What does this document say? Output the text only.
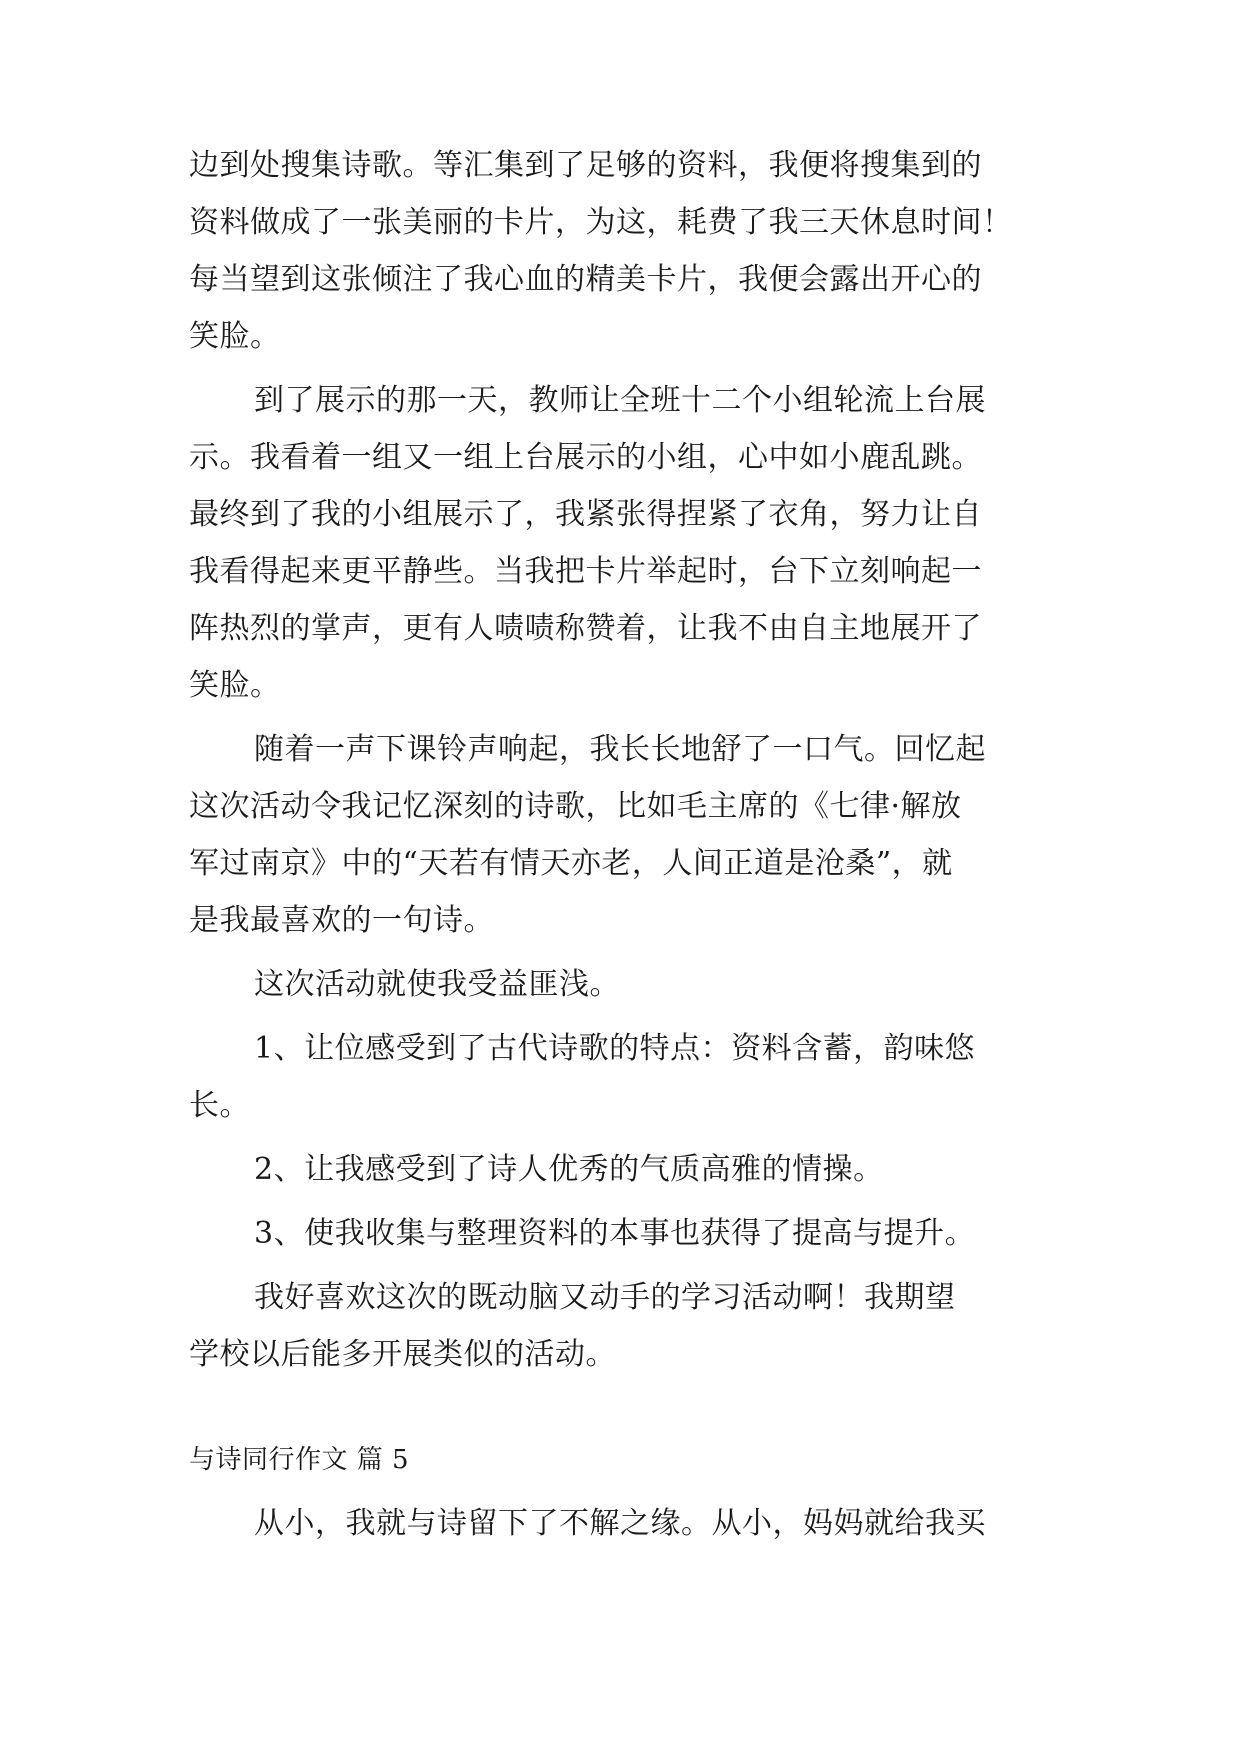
边到处搜集诗歌。等汇集到了足够的资料，我便将搜集到的
资料做成了一张美丽的卡片，为这，耗费了我三天休息时间！
每当望到这张倾注了我心血的精美卡片，我便会露出开心的
笑脸。
到了展示的那一天，教师让全班十二个小组轮流上台展
示。我看着一组又一组上台展示的小组，心中如小鹿乱跳。
最终到了我的小组展示了，我紧张得捏紧了衣角，努力让自
我看得起来更平静些。当我把卡片举起时，台下立刻响起一
阵热烈的掌声，更有人啧啧称赞着，让我不由自主地展开了
笑脸。
随着一声下课铃声响起，我长长地舒了一口气。回忆起
这次活动令我记忆深刻的诗歌，比如毛主席的《七律·解放
军过南京》中的“天若有情天亦老，人间正道是沧桑”，就
是我最喜欢的一句诗。
这次活动就使我受益匪浅。
1、让位感受到了古代诗歌的特点：资料含蓄，韵味悠
长。
2、让我感受到了诗人优秀的气质高雅的情操。
3、使我收集与整理资料的本事也获得了提高与提升。
我好喜欢这次的既动脑又动手的学习活动啊！我期望
学校以后能多开展类似的活动。
与诗同行作文 篇 5
从小，我就与诗留下了不解之缘。从小，妈妈就给我买
